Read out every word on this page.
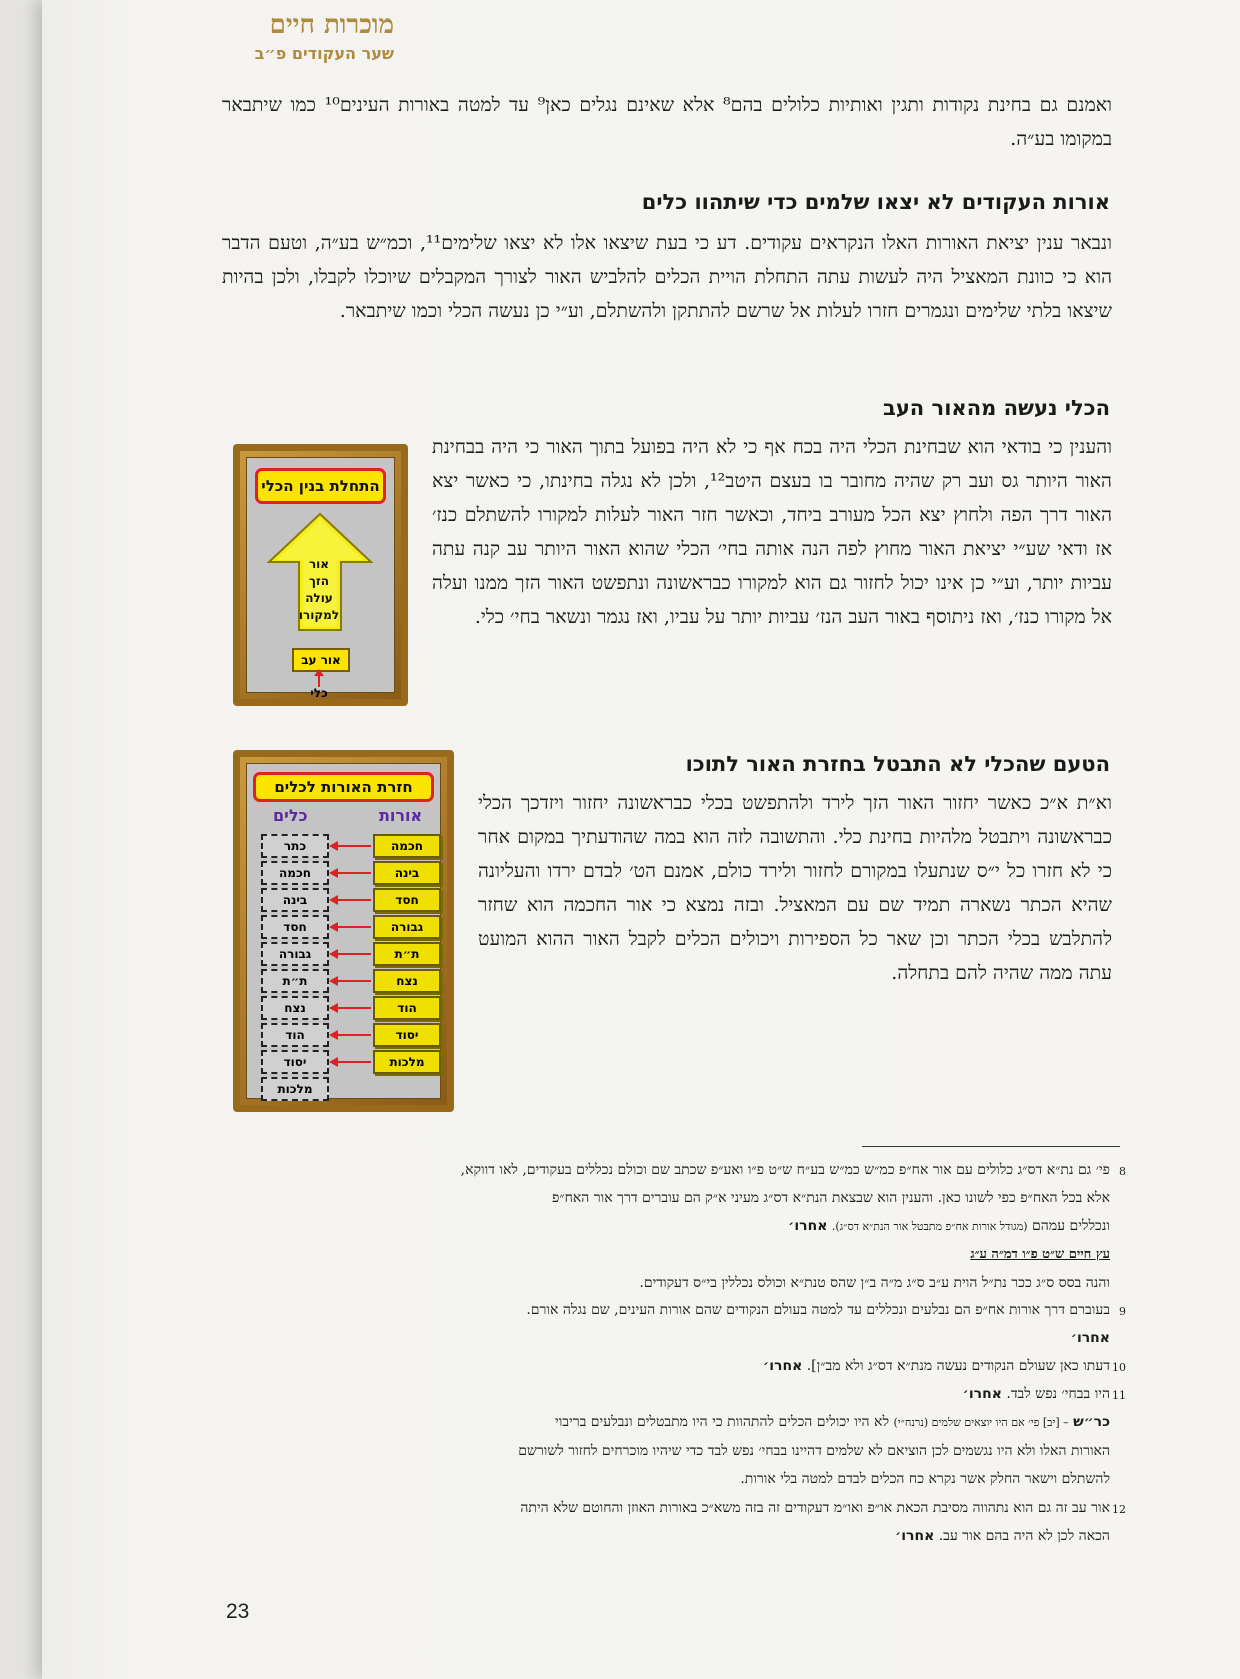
מוכרות חיים
שער העקודים פ״ב
ואמנם גם בחינת נקודות ותגין ואותיות כלולים בהם⁸ אלא שאינם נגלים כאן⁹ עד למטה באורות העינים¹⁰ כמו שיתבאר במקומו בע״ה.
אורות העקודים לא יצאו שלמים כדי שיתהוו כלים
ונבאר ענין יציאת האורות האלו הנקראים עקודים. דע כי בעת שיצאו אלו לא יצאו שלימים¹¹, וכמ״ש בע״ה, וטעם הדבר הוא כי כוונת המאציל היה לעשות עתה התחלת הויית הכלים להלביש האור לצורך המקבלים שיוכלו לקבלו, ולכן בהיות שיצאו בלתי שלימים ונגמרים חזרו לעלות אל שרשם להתתקן ולהשתלם, וע״י כן נעשה הכלי וכמו שיתבאר.
הכלי נעשה מהאור העב
והענין כי בודאי הוא שבחינת הכלי היה בכח אף כי לא היה בפועל בתוך האור כי היה בבחינת האור היותר גס ועב רק שהיה מחובר בו בעצם היטב¹², ולכן לא נגלה בחינתו, כי כאשר יצא האור דרך הפה ולחוץ יצא הכל מעורב ביחד, וכאשר חזר האור לעלות למקורו להשתלם כנז׳ אז ודאי שע״י יציאת האור מחוץ לפה הנה אותה בחי׳ הכלי שהוא האור היותר עב קנה עתה עביות יותר, וע״י כן אינו יכול לחזור גם הוא למקורו כבראשונה ונתפשט האור הזך ממנו ועלה אל מקורו כנז׳, ואז ניתוסף באור העב הנז׳ עביות יותר על עביו, ואז נגמר ונשאר בחי׳ כלי.
הטעם שהכלי לא התבטל בחזרת האור לתוכו
וא״ת א״כ כאשר יחזור האור הזך לירד ולהתפשט בכלי כבראשונה יחזור ויזדכך הכלי כבראשונה ויתבטל מלהיות בחינת כלי. והתשובה לזה הוא במה שהודעתיך במקום אחר כי לא חזרו כל י״ס שנתעלו במקורם לחזור ולירד כולם, אמנם הט׳ לבדם ירדו והעליונה שהיא הכתר נשארה תמיד שם עם המאציל. ובזה נמצא כי אור החכמה הוא שחזר להתלבש בכלי הכתר וכן שאר כל הספירות ויכולים הכלים לקבל האור ההוא המועט עתה ממה שהיה להם בתחלה.
8
פי׳ גם נת״א דס״ג כלולים עם אור אח״פ כמ״ש כמ״ש בע״ח ש״ט פ״ו ואע״פ שכתב שם וכולם נכללים בעקודים, לאו דווקא,
אלא בכל האח״פ כפי לשונו כאן. והענין הוא שבצאת הנת״א דס״ג מעיני א״ק הם עוברים דרך אור האח״פ
ונכללים עמהם (מגודל אורות אח״פ מתבטל אור הנת״א דס״ג). אחרו׳
עץ חיים ש״ט פ״ו דמ״ה ע״ג
והנה בסס ס״ג ככר נת״ל הוית ע״ב ס״ג מ״ה ב״ן שהס טנת״א וכולס נכללין בי״ס דעקודים.
9
בעוברם דרך אורות אח״פ הם נבלעים ונכללים עד למטה בעולם הנקודים שהם אורות העינים, שם נגלה אורם.
אחרו׳
10
דעתו כאן שעולם הנקודים נעשה מנת״א דס״ג ולא מב״ן]. אחרו׳
11
היו בבחי׳ נפש לבד. אחרו׳
כר״ש – [יב] פי׳ אם היו יוצאים שלמים (נרנח״י) לא היו יכולים הכלים להתהוות כי היו מתבטלים ונבלעים בריבוי
האורות האלו ולא היו נגשמים לכן הוציאם לא שלמים דהיינו בבחי׳ נפש לבד כדי שיהיו מוכרחים לחזור לשורשם
להשתלם וישאר החלק אשר נקרא כח הכלים לבדם למטה בלי אורות.
12
אור עב זה גם הוא נתהווה מסיבת הכאת או״פ ואו״מ דעקודים זה בזה משא״כ באורות האוזן והחוטם שלא היתה
הכאה לכן לא היה בהם אור עב. אחרו׳
23
התחלת בנין הכלי
אור
הזך
עולה
למקורו
אור עב
כלי
חזרת האורות לכלים
אורות
כלים
כתר
חכמה
בינה
חסד
גבורה
ת״ת
נצח
הוד
יסוד
מלכות
חכמה
בינה
חסד
גבורה
ת״ת
נצח
הוד
יסוד
מלכות
